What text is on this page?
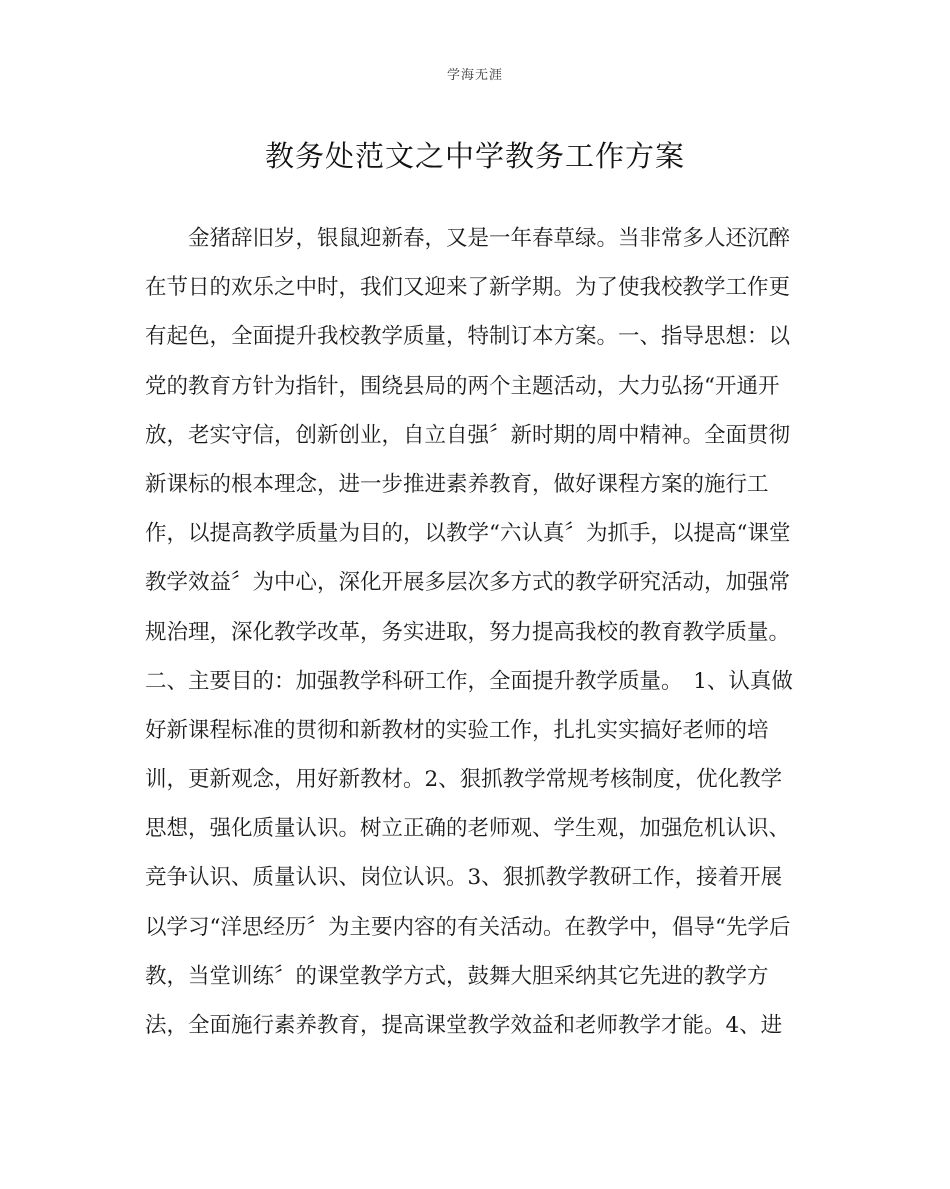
学海无涯
教务处范文之中学教务工作方案
　　金猪辞旧岁，银鼠迎新春，又是一年春草绿。当非常多人还沉醉
在节日的欢乐之中时，我们又迎来了新学期。为了使我校教学工作更
有起色，全面提升我校教学质量，特制订本方案。一、指导思想：以
党的教育方针为指针，围绕县局的两个主题活动，大力弘扬“开通开
放，老实守信，创新创业，自立自强〞新时期的周中精神。全面贯彻
新课标的根本理念，进一步推进素养教育，做好课程方案的施行工
作，以提高教学质量为目的，以教学“六认真〞为抓手，以提高“课堂
教学效益〞为中心，深化开展多层次多方式的教学研究活动，加强常
规治理，深化教学改革，务实进取，努力提高我校的教育教学质量。
二、主要目的：加强教学科研工作，全面提升教学质量。　1、认真做
好新课程标准的贯彻和新教材的实验工作，扎扎实实搞好老师的培
训，更新观念，用好新教材。2、狠抓教学常规考核制度，优化教学
思想，强化质量认识。树立正确的老师观、学生观，加强危机认识、
竞争认识、质量认识、岗位认识。3、狠抓教学教研工作，接着开展
以学习“洋思经历〞为主要内容的有关活动。在教学中，倡导“先学后
教，当堂训练〞的课堂教学方式，鼓舞大胆采纳其它先进的教学方
法，全面施行素养教育，提高课堂教学效益和老师教学才能。4、进
